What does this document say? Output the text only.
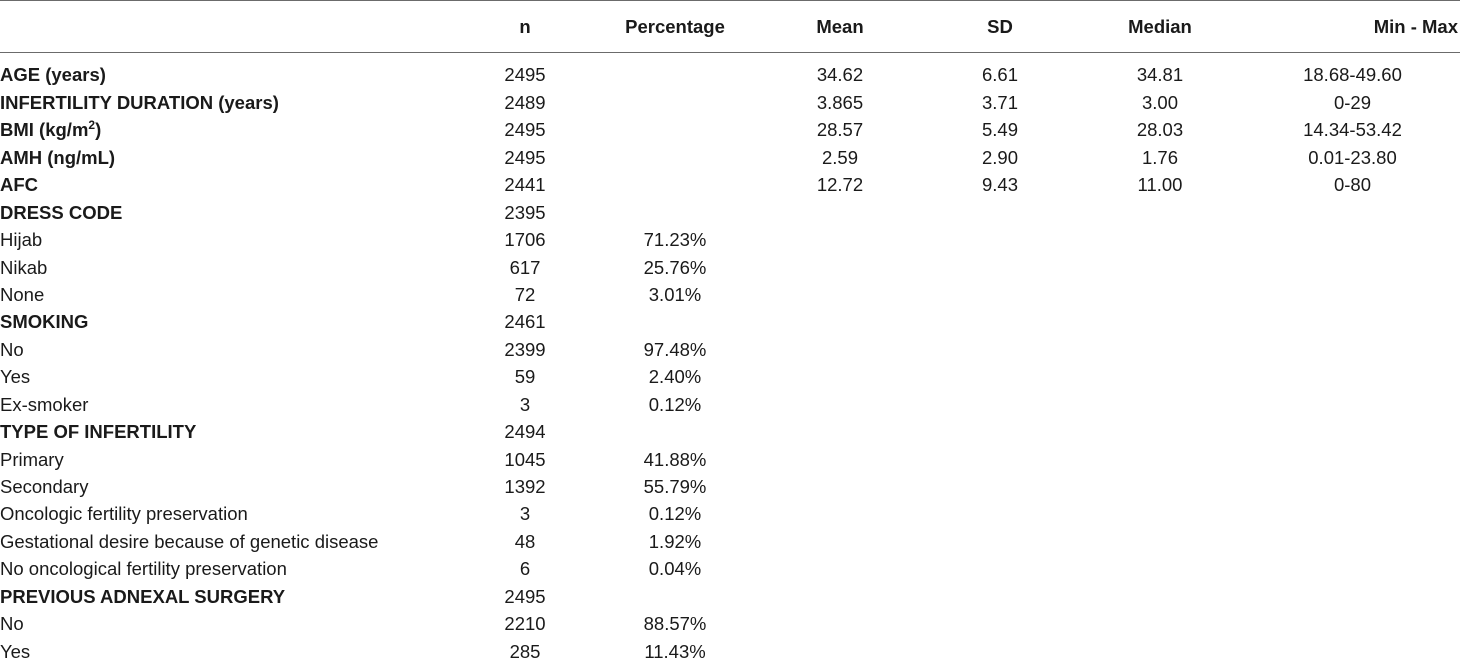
	n	Percentage	Mean	SD	Median	Min - Max

AGE (years)	2495		34.62	6.61	34.81	18.68-49.60
INFERTILITY DURATION (years)	2489		3.865	3.71	3.00	0-29
BMI $(kg/m^2)$	2495		28.57	5.49	28.03	14.34-53.42
AMH (ng/mL)	2495		2.59	2.90	1.76	0.01-23.80
AFC	2441		12.72	9.43	11.00	0-80
DRESS CODE	2395					
Hijab	1706	71.23%				
Nikab	617	25.76%				
None	72	3.01%				
SMOKING	2461					
No	2399	97.48%				
Yes	59	2.40%				
Ex-smoker	3	0.12%				
TYPE OF INFERTILITY	2494					
Primary	1045	41.88%				
Secondary	1392	55.79%				
Oncologic fertility preservation	3	0.12%				
Gestational desire because of genetic disease	48	1.92%				
No oncological fertility preservation	6	0.04%				
PREVIOUS ADNEXAL SURGERY	2495					
No	2210	88.57%				
Yes	285	11.43%				
